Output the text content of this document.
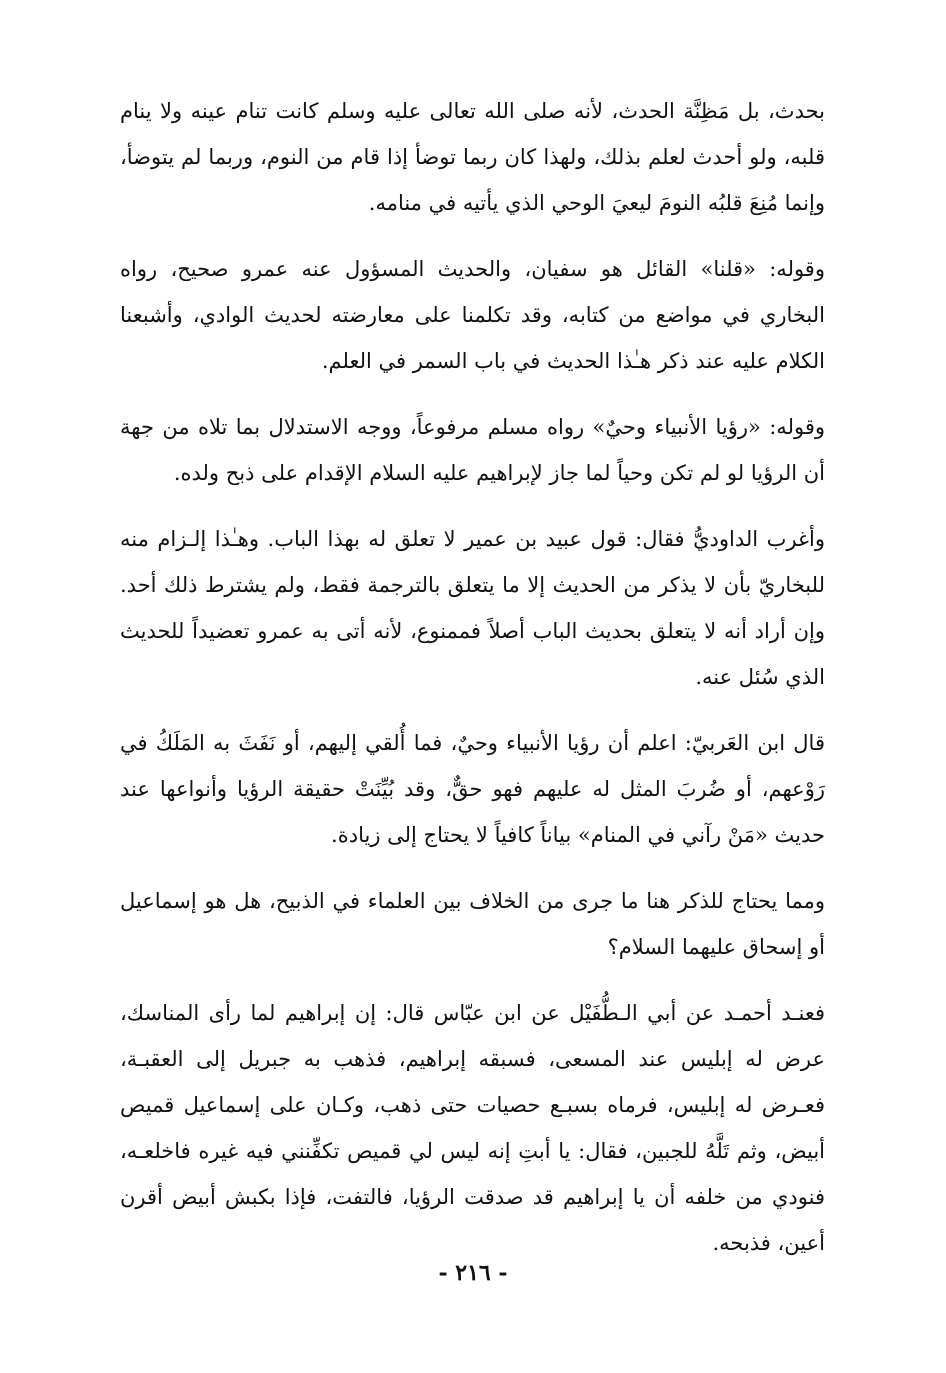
بحدث، بل مَظِنَّة الحدث، لأنه صلى الله تعالى عليه وسلم كانت تنام عينه ولا ينام قلبه، ولو أحدث لعلم بذلك، ولهذا كان ربما توضأ إذا قام من النوم، وربما لم يتوضأ، وإنما مُنِعَ قلبُه النومَ ليعيَ الوحي الذي يأتيه في منامه.

وقوله: «قلنا» القائل هو سفيان، والحديث المسؤول عنه عمرو صحيح، رواه البخاري في مواضع من كتابه، وقد تكلمنا على معارضته لحديث الوادي، وأشبعنا الكلام عليه عند ذكر هـٰذا الحديث في باب السمر في العلم.

وقوله: «رؤيا الأنبياء وحيٌ» رواه مسلم مرفوعاً، ووجه الاستدلال بما تلاه من جهة أن الرؤيا لو لم تكن وحياً لما جاز لإبراهيم عليه السلام الإقدام على ذبح ولده.

وأغرب الداوديُّ فقال: قول عبيد بن عمير لا تعلق له بهذا الباب. وهـٰذا إلـزام منه للبخاريّ بأن لا يذكر من الحديث إلا ما يتعلق بالترجمة فقط، ولم يشترط ذلك أحد. وإن أراد أنه لا يتعلق بحديث الباب أصلاً فممنوع، لأنه أتى به عمرو تعضيداً للحديث الذي سُئل عنه.

قال ابن العَربيّ: اعلم أن رؤيا الأنبياء وحيٌ، فما أُلقي إليهم، أو نَفَثَ به المَلَكُ في رَوْعهم، أو ضُربَ المثل له عليهم فهو حقٌّ، وقد بُيِّنَتْ حقيقة الرؤيا وأنواعها عند حديث «مَنْ رآني في المنام» بياناً كافياً لا يحتاج إلى زيادة.

ومما يحتاج للذكر هنا ما جرى من الخلاف بين العلماء في الذبيح، هل هو إسماعيل أو إسحاق عليهما السلام؟

فعنـد أحمـد عن أبي الـطُّفَيْل عن ابن عبّاس قال: إن إبراهيم لما رأى المناسك، عرض له إبليس عند المسعى، فسبقه إبراهيم، فذهب به جبريل إلى العقبـة، فعـرض له إبليس، فرماه بسبـع حصيات حتى ذهب، وكـان على إسماعيل قميص أبيض، وثم تَلَّهُ للجبين، فقال: يا أبتِ إنه ليس لي قميص تكفِّنني فيه غيره فاخلعـه، فنودي من خلفه أن يا إبراهيم قد صدقت الرؤيا، فالتفت، فإذا بكبش أبيض أقرن أعين، فذبحه.

- ٢١٦ -
